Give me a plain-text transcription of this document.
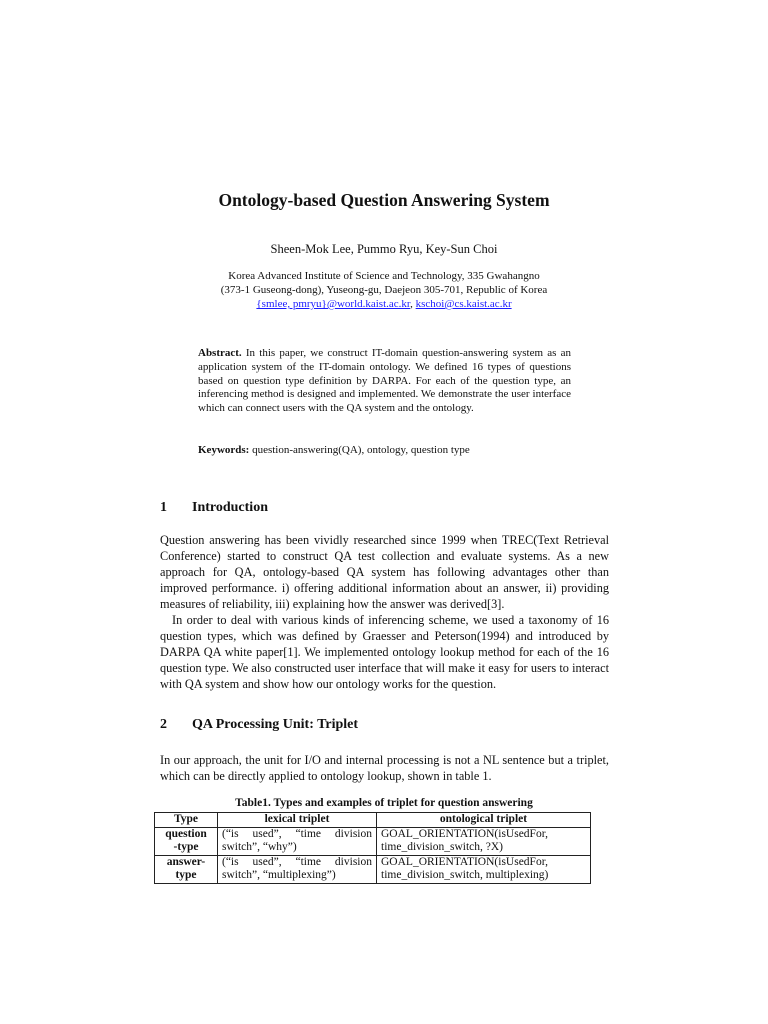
Ontology-based Question Answering System
Sheen-Mok Lee, Pummo Ryu, Key-Sun Choi
Korea Advanced Institute of Science and Technology, 335 Gwahangno
(373-1 Guseong-dong), Yuseong-gu, Daejeon 305-701, Republic of Korea
{smlee, pmryu}@world.kaist.ac.kr, kschoi@cs.kaist.ac.kr
Abstract. In this paper, we construct IT-domain question-answering system as an application system of the IT-domain ontology. We defined 16 types of questions based on question type definition by DARPA. For each of the question type, an inferencing method is designed and implemented. We demonstrate the user interface which can connect users with the QA system and the ontology.
Keywords: question-answering(QA), ontology, question type
1 Introduction

Question answering has been vividly researched since 1999 when TREC(Text Retrieval Conference) started to construct QA test collection and evaluate systems. As a new approach for QA, ontology-based QA system has following advantages other than improved performance. i) offering additional information about an answer, ii) providing measures of reliability, iii) explaining how the answer was derived[3].

In order to deal with various kinds of inferencing scheme, we used a taxonomy of 16 question types, which was defined by Graesser and Peterson(1994) and introduced by DARPA QA white paper[1]. We implemented ontology lookup method for each of the 16 question type. We also constructed user interface that will make it easy for users to interact with QA system and show how our ontology works for the question.

2 QA Processing Unit: Triplet

In our approach, the unit for I/O and internal processing is not a NL sentence but a triplet, which can be directly applied to ontology lookup, shown in table 1.

Table1. Types and examples of triplet for question answering
Type	lexical triplet	ontological triplet

question
-type	(“is used”, “time division switch”, “why”)	GOAL_ORIENTATION(isUsedFor,
time_division_switch, ?X)

answer-
type	(“is used”, “time division switch”, “multiplexing”)	GOAL_ORIENTATION(isUsedFor,
time_division_switch, multiplexing)
